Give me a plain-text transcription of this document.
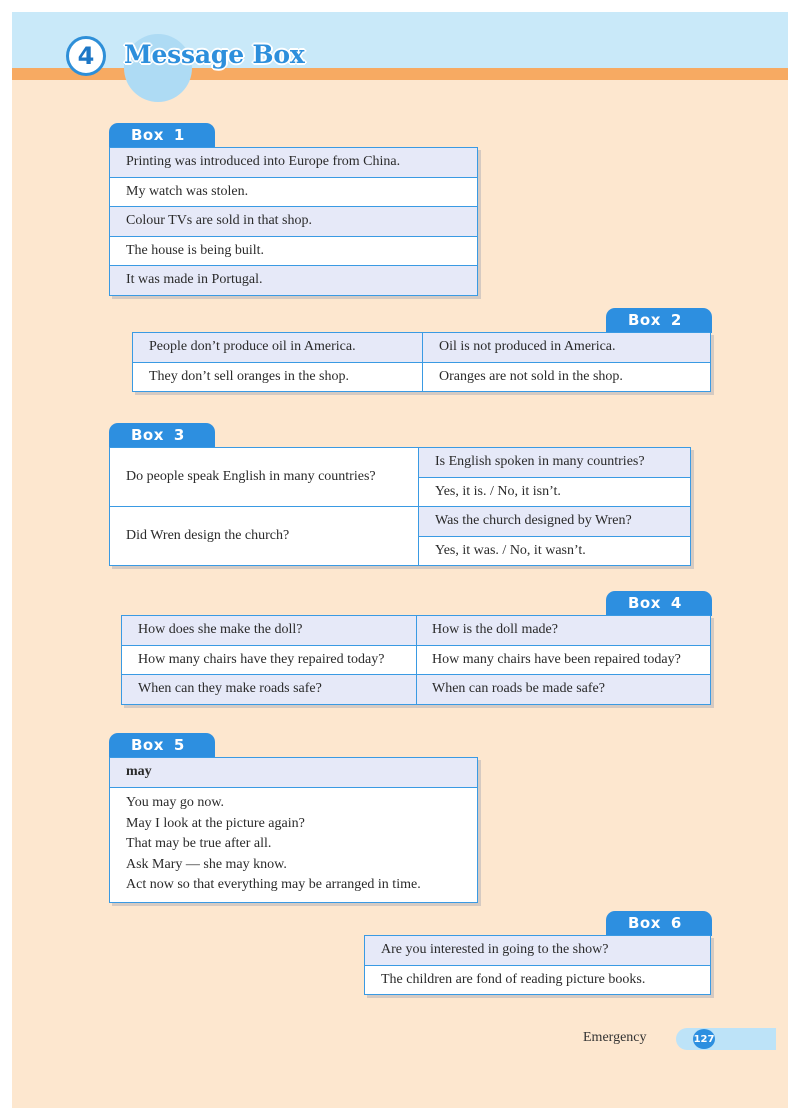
4	Message Box
Box 1
Printing was introduced into Europe from China.
My watch was stolen.
Colour TVs are sold in that shop.
The house is being built.
It was made in Portugal.
Box 2
People don’t produce oil in America.	Oil is not produced in America.
They don’t sell oranges in the shop.	Oranges are not sold in the shop.
Box 3
Do people speak English in many countries?	Is English spoken in many countries?
	Yes, it is. / No, it isn’t.
Did Wren design the church?	Was the church designed by Wren?
	Yes, it was. / No, it wasn’t.
Box 4
How does she make the doll?	How is the doll made?
How many chairs have they repaired today?	How many chairs have been repaired today?
When can they make roads safe?	When can roads be made safe?
Box 5
may

You may go now.
May I look at the picture again?
That may be true after all.
Ask Mary — she may know.
Act now so that everything may be arranged in time.
Box 6
Are you interested in going to the show?
The children are fond of reading picture books.
Emergency	127
